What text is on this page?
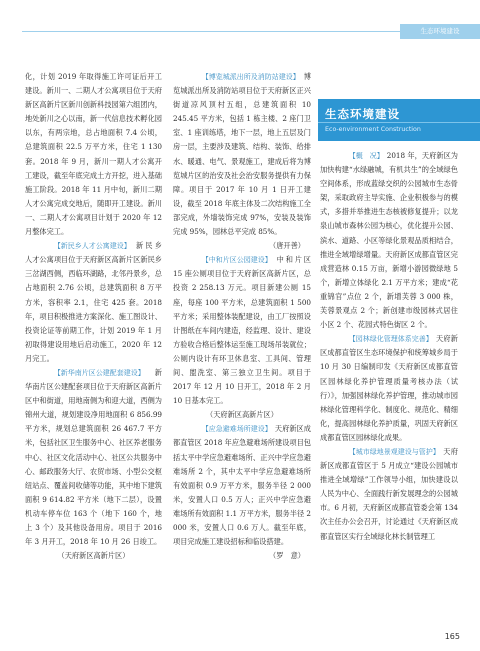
生态环境建设

化，计划 2019 年取得施工许可证后开工建设。新川一、二期人才公寓项目位于天府新区高新片区新川创新科技园第六组团内，地处新川之心以南，新一代信息技术孵化园以东，有两宗地，总占地面积 7.4 公顷，总建筑面积 22.5 万平方米，住宅 1 130 套。2018 年 9 月，新川一期人才公寓开工建设，截至年底完成土方开挖，进入基础施工阶段。2018 年 11 月中旬，新川二期人才公寓完成交地后，随即开工建设。新川一、二期人才公寓项目计划于 2020 年 12 月整体完工。

【新民乡人才公寓建设】 新民乡人才公寓项目位于天府新区高新片区新民乡三岔湖西侧，西临环湖路，北邻丹景乡，总占地面积 2.76 公顷，总建筑面积 8 万平方米，容积率 2.1，住宅 425 套。2018 年，项目积极推进方案深化、施工图设计、投资论证等前期工作，计划 2019 年 1 月初取得建设用地后启动施工，2020 年 12 月完工。

【新华南片区公建配套建设】 新华南片区公建配套项目位于天府新区高新片区中和街道，用地南侧为和迎大道，西侧为锦州大道，规划建设净用地面积 6 856.99 平方米，规划总建筑面积 26 467.7 平方米，包括社区卫生服务中心、社区养老服务中心、社区文化活动中心、社区公共服务中心、邮政服务大厅、农贸市场、小型公交枢纽站点、覆盖间收储等功能，其中地下建筑面积 9 614.82 平方米（地下二层），设置机动车停车位 163 个（地下 160 个，地上 3 个）及其他设备用房。项目于 2016 年 3 月开工，2018 年 10 月 26 日竣工。

（天府新区高新片区）

【博览城派出所及消防站建设】 博览城派出所及消防站项目位于天府新区正兴街道凉风顶村五组，总建筑面积 10 245.45 平方米，包括 1 栋主楼、2 座门卫室、1 座训练塔，地下一层，地上五层及门房一层，主要涉及建筑、结构、装饰、给排水、暖通、电气、景观施工，建成后将为博览城片区的治安及社会治安服务提供有力保障。项目于 2017 年 10 月 1 日开工建设，截至 2018 年底主体及二次结构施工全部完成，外墙装饰完成 97%，安装及装饰完成 95%，园林总平完成 85%。

（唐开善）

【中和片区公园建设】 中和片区 15 座公厕项目位于天府新区高新片区，总投资 2 258.13 万元。项目新建公厕 15 座，每座 100 平方米，总建筑面积 1 500 平方米；采用整体装配建设，由工厂按照设计图纸在车间内建造，经监理、设计、建设方验收合格后整体运至施工现场吊装就位；公厕内设计有环卫休息室、工具间、管理间、盥洗室、第三独立卫生间。项目于 2017 年 12 月 10 日开工，2018 年 2 月 10 日基本完工。

（天府新区高新片区）

【应急避难场所建设】 天府新区成都直管区 2018 年应急避难场所建设项目包括太平中学应急避难场所、正兴中学应急避难场所 2 个，其中太平中学应急避难场所有效面积 0.9 万平方米，服务半径 2 000 米，安置人口 0.5 万人；正兴中学应急避难场所有效面积 1.1 万平方米，服务半径 2 000 米，安置人口 0.6 万人。截至年底，项目完成施工建设招标和临设搭建。

（罗　意）

生态环境建设
Eco-environment Construction

【概　况】 2018 年，天府新区为加快构建“水绿融城，有机共生”的全域绿色空间体系，形成蓝绿交织的公园城市生态骨架，采取政府主导实施、企业积极参与的模式，多措并举推进生态核被修复提升；以龙泉山城市森林公园为核心，优化提升公园、滨水、道路、小区等绿化景观品质相结合，推进全域增绿增量。天府新区成都直管区完成营造林 0.15 万亩，新增小游园微绿地 5 个，新增立体绿化 2.1 万平方米；建成“花重锦官”点位 2 个，新增芙蓉 3 000 株，芙蓉景观点 2 个；新创建市级园林式居住小区 2 个、花园式特色街区 2 个。

【园林绿化管理体系完善】 天府新区成都直管区生态环境保护和统筹城乡局于 10 月 30 日编制印发《天府新区成都直管区园林绿化养护管理质量考核办法（试行）》，加强园林绿化养护管理，推动城市园林绿化管理科学化、制度化、规范化、精细化，提高园林绿化养护质量，巩固天府新区成都直管区园林绿化成果。

【城市绿地景观建设与管护】 天府新区成都直管区于 5 月成立“建设公园城市推进全域增绿”工作领导小组，加快建设以人民为中心、全面践行新发展理念的公园城市。6 月初，天府新区成都直管委会第 134 次主任办公会召开，讨论通过《天府新区成都直管区实行全域绿化林长制管理工

165
